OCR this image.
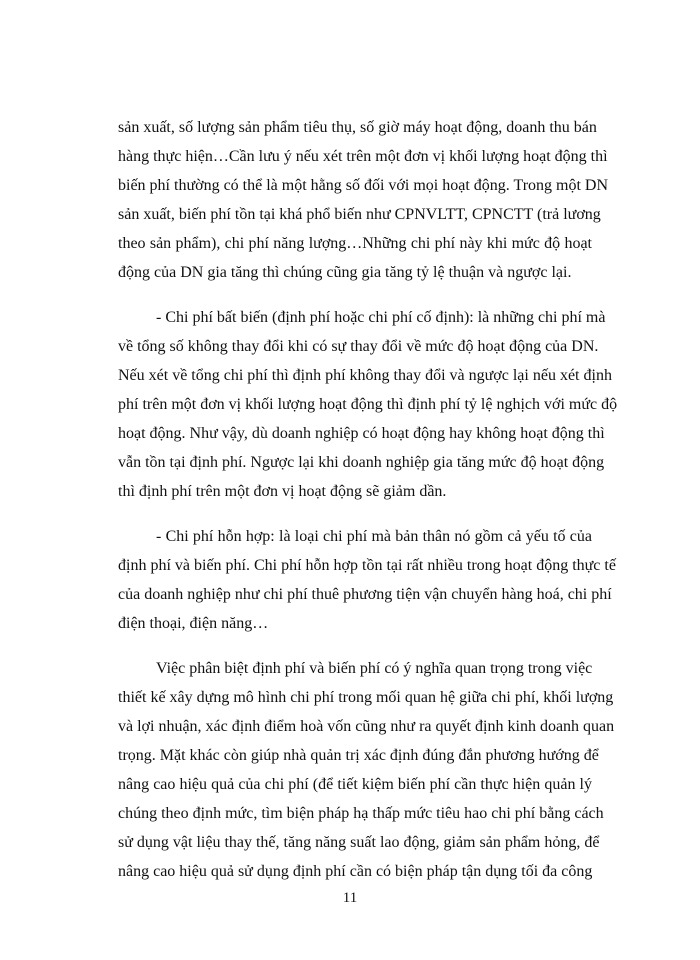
sản xuất, số lượng sản phẩm tiêu thụ, số giờ máy hoạt động, doanh thu bán
hàng thực hiện…Cần lưu ý nếu xét trên một đơn vị khối lượng hoạt động thì
biến phí thường có thể là một hằng số đối với mọi hoạt động. Trong một DN
sản xuất, biến phí tồn tại khá phổ biến như CPNVLTT, CPNCTT (trả lương
theo sản phẩm), chi phí năng lượng…Những chi phí này khi mức độ hoạt
động của DN gia tăng thì chúng cũng gia tăng tỷ lệ thuận và ngược lại.

- Chi phí bất biến (định phí hoặc chi phí cố định): là những chi phí mà
về tổng số không thay đổi khi có sự thay đổi về mức độ hoạt động của DN.
Nếu xét về tổng chi phí thì định phí không thay đổi và ngược lại nếu xét định
phí trên một đơn vị khối lượng hoạt động thì định phí tỷ lệ nghịch với mức độ
hoạt động. Như vậy, dù doanh nghiệp có hoạt động hay không hoạt động thì
vẫn tồn tại định phí. Ngược lại khi doanh nghiệp gia tăng mức độ hoạt động
thì định phí trên một đơn vị hoạt động sẽ giảm dần.

- Chi phí hỗn hợp: là loại chi phí mà bản thân nó gồm cả yếu tố của
định phí và biến phí. Chi phí hỗn hợp tồn tại rất nhiều trong hoạt động thực tế
của doanh nghiệp như chi phí thuê phương tiện vận chuyển hàng hoá, chi phí
điện thoại, điện năng…

Việc phân biệt định phí và biến phí có ý nghĩa quan trọng trong việc
thiết kế xây dựng mô hình chi phí trong mối quan hệ giữa chi phí, khối lượng
và lợi nhuận, xác định điểm hoà vốn cũng như ra quyết định kinh doanh quan
trọng. Mặt khác còn giúp nhà quản trị xác định đúng đắn phương hướng để
nâng cao hiệu quả của chi phí (để tiết kiệm biến phí cần thực hiện quản lý
chúng theo định mức, tìm biện pháp hạ thấp mức tiêu hao chi phí bằng cách
sử dụng vật liệu thay thế, tăng năng suất lao động, giảm sản phẩm hỏng, để
nâng cao hiệu quả sử dụng định phí cần có biện pháp tận dụng tối đa công

11
